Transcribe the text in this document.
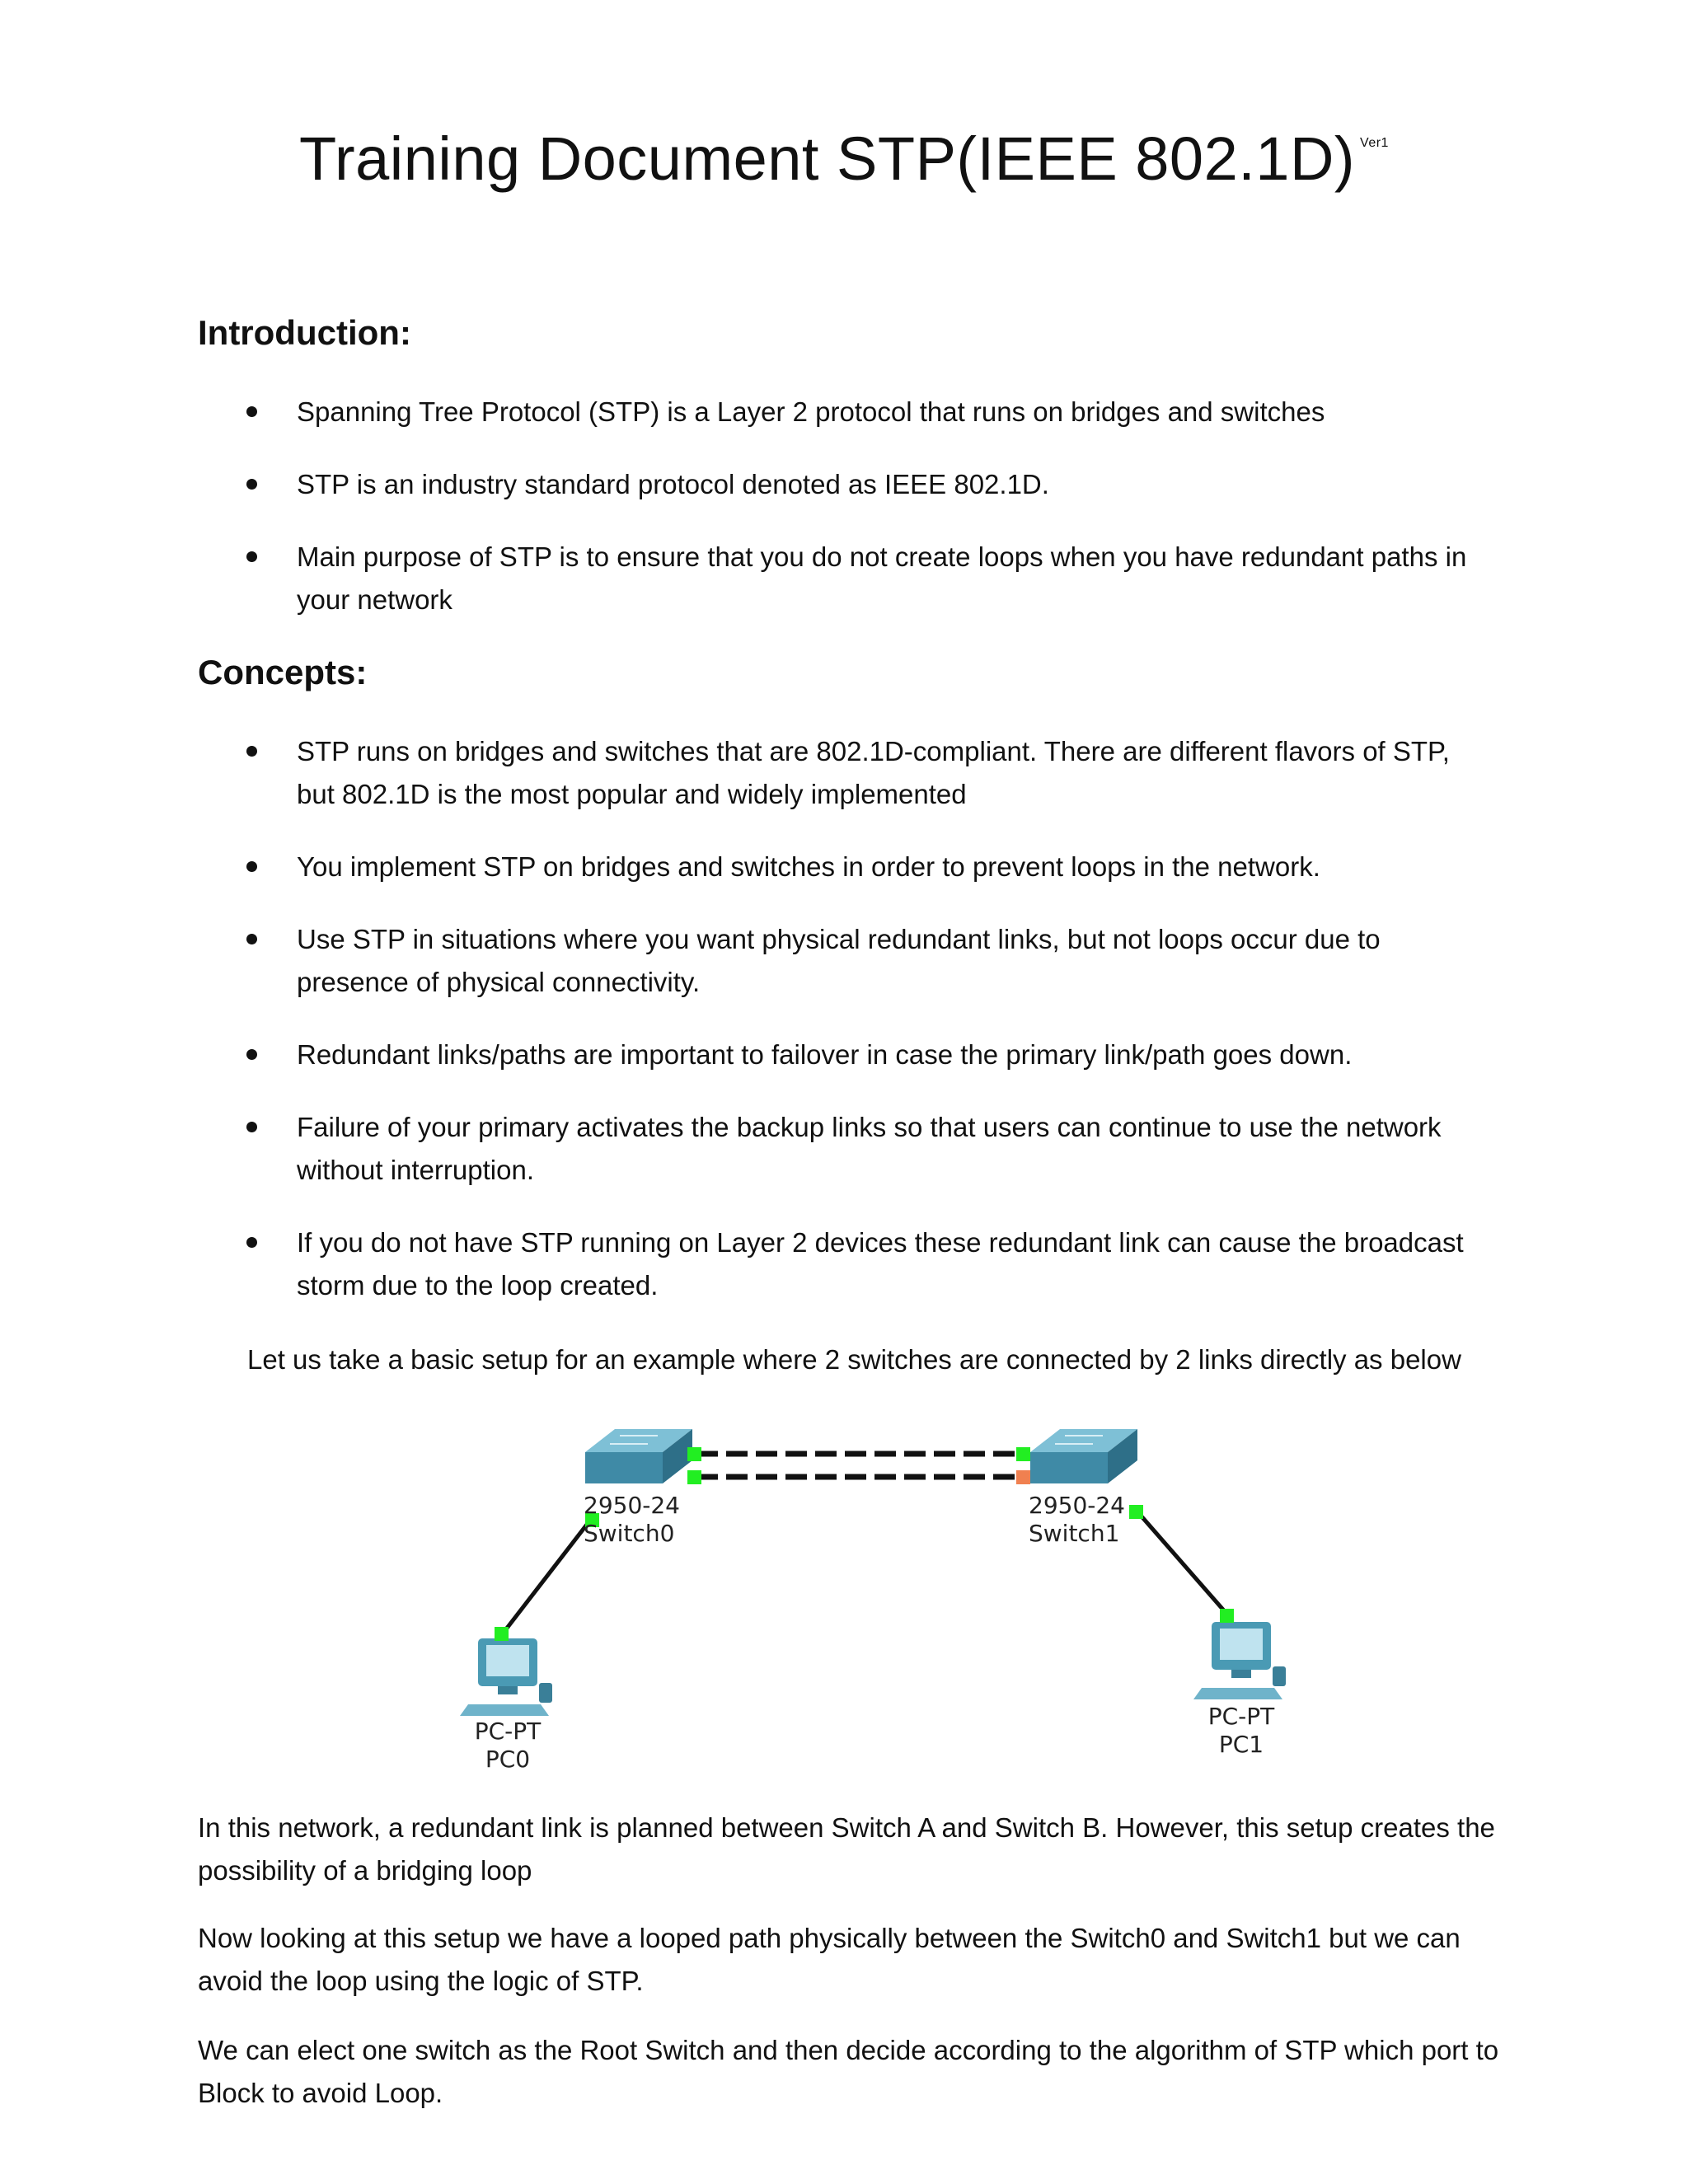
Training Document STP(IEEE 802.1D) $^{Ver1}$
Introduction:
Spanning Tree Protocol (STP) is a Layer 2 protocol that runs on bridges and switches
STP is an industry standard protocol denoted as IEEE 802.1D.
Main purpose of STP is to ensure that you do not create loops when you have redundant paths in your network
Concepts:
STP runs on bridges and switches that are 802.1D-compliant. There are different flavors of STP, but 802.1D is the most popular and widely implemented
You implement STP on bridges and switches in order to prevent loops in the network.
Use STP in situations where you want physical redundant links, but not loops occur due to presence of physical connectivity.
Redundant links/paths are important to failover in case the primary link/path goes down.
Failure of your primary activates the backup links so that users can continue to use the network without interruption.
If you do not have STP running on Layer 2 devices these redundant link can cause the broadcast storm due to the loop created.

Let us take a basic setup for an example where 2 switches are connected by 2 links directly as below

2950-24
Switch0
2950-24
Switch1
PC-PT
PC0
PC-PT
PC1

In this network, a redundant link is planned between Switch A and Switch B. However, this setup creates the possibility of a bridging loop

Now looking at this setup we have a looped path physically between the Switch0 and Switch1 but we can avoid the loop using the logic of STP.

We can elect one switch as the Root Switch and then decide according to the algorithm of STP which port to Block to avoid Loop.
